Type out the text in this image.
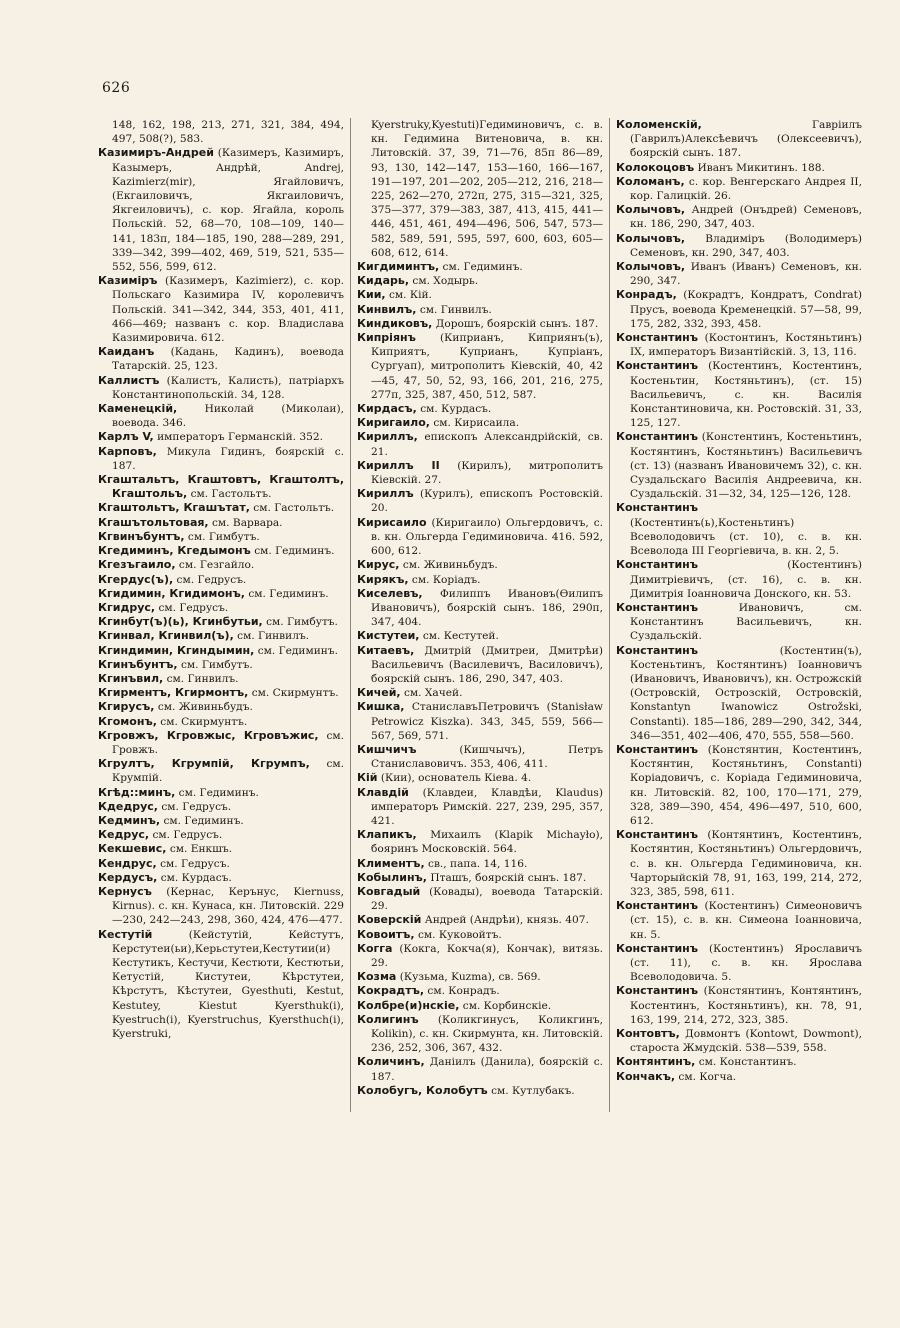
626
148, 162, 198, 213, 271, 321, 384, 494, 497, 508(?), 583.
Казимиръ-Андрей (Казимеръ, Казимиръ, Казымеръ, Андрѣй, Andrej, Kazimierz(mir), Ягайловичъ, (Екгаиловичъ, Якгаиловичъ, Якгеиловичъ), с. кор. Ягайла, король Польскій. 52, 68—70, 108—109, 140—141, 183п, 184—185, 190, 288—289, 291, 339—342, 399—402, 469, 519, 521, 535—552, 556, 599, 612.
Казиміръ (Казимеръ, Kazimierz), с. кор. Польскаго Казимира IV, королевичъ Польскій. 341—342, 344, 353, 401, 411, 466—469; названъ с. кор. Владислава Казимировича. 612.
Каиданъ (Кадань, Кадинъ), воевода Татарскій. 25, 123.
Каллистъ (Калистъ, Калисть), патріархъ Константинопольскій. 34, 128.
Каменецкій,	Николай (Миколаи), воевода. 346.
Карлъ V, императоръ Германскій. 352.
Карповъ, Микула Гидинъ, боярскій с. 187.
Кгаштальтъ, Кгаштовтъ, Кгаштолтъ, Кгаштольъ, см. Гастольтъ.
Кгаштольтъ, Кгашътат, см. Гастольтъ.
Кгашътольтовая, см. Варвара.
Кгвинъбунтъ, см. Гимбутъ.
Кгедиминъ, Кгедымонъ см. Гедиминъ.
Кгезъгаило, см. Гезгайло.
Кгердус(ъ), см. Гедрусъ.
Кгидимин, Кгидимонъ, см. Гедиминъ.
Кгидрус, см. Гедрусъ.
Кгинбут(ъ)(ь), Кгинбутьи, см. Гимбутъ.
Кгинвал, Кгинвил(ъ), см. Гинвилъ.
Кгиндимин, Кгиндымин, см. Гедиминъ.
Кгинъбунтъ, см. Гимбутъ.
Кгинъвил, см. Гинвилъ.
Кгирментъ, Кгирмонтъ, см. Скирмунтъ.
Кгирусъ, см. Живиньбудъ.
Кгомонъ, см. Скирмунтъ.
Кгровжъ, Кгровжыс, Кгровъжис, см. Гровжъ.
Кгрултъ, Кгрумпій, Кгрумпъ, см. Крумпій.
Кгѣд::минъ, см. Гедиминъ.
Кдедрус, см. Гедрусъ.
Кедминъ, см. Гедиминъ.
Кедрус, см. Гедрусъ.
Кекшевис, см. Енкшъ.
Кендрус, см. Гедрусъ.
Кердусъ, см. Курдасъ.
Кернусъ (Кернас, Керънус, Kiernuss, Kirnus). с. кн. Кунаса, кн. Литовскій. 229—230, 242—243, 298, 360, 424, 476—477.
Кестутій	(Кейстутій, Кейстутъ, Керстутеи(ьи),Керьстутеи,Кестутии(и) Кестутикъ, Кестучи, Кестюти, Кестютьи, Кетустій, Кистутеи, Кѣрстутеи, Кѣрстутъ, Кѣстутеи, Gyesthuti, Kestut, Kestutey, Kiestut Kyersthuk(i), Kyestruch(i), Kyerstruchus, Kyersthuch(i), Kyerstruki,
Kyerstruky,Kyestuti)Гедиминовичъ, с. в. кн. Гедимина Витеновича, в. кн. Литовскій. 37, 39, 71—76, 85п 86—89, 93, 130, 142—147, 153—160, 166—167, 191—197, 201—202, 205—212, 216, 218—225, 262—270, 272п, 275, 315—321, 325, 375—377, 379—383, 387, 413, 415, 441—446, 451, 461, 494—496, 506, 547, 573—582, 589, 591, 595, 597, 600, 603, 605—608, 612, 614.
Кигдиминтъ, см. Гедиминъ.
Кидарь, см. Ходырь.
Кии, см. Кій.
Кинвилъ, см. Гинвилъ.
Киндиковъ, Дорошъ, боярскій сынъ. 187.
Кипріянъ (Киприанъ, Киприянъ(ъ), Киприятъ, Куприанъ, Купріанъ, Сургуап), митрополитъ Кіевскій, 40, 42—45, 47, 50, 52, 93, 166, 201, 216, 275, 277п, 325, 387, 450, 512, 587.
Кирдасъ, см. Курдасъ.
Киригаило, см. Кирисаила.
Кириллъ, епископъ Александрійскій, св. 21.
Кириллъ II (Кирилъ), митрополитъ Кіевскій. 27.
Кириллъ (Курилъ), епископъ Ростовскій. 20.
Кирисаило (Киригаило) Ольгердовичъ, с. в. кн. Ольгерда Гедиминовича. 416. 592, 600, 612.
Кирус, см. Живиньбудъ.
Кирякъ, см. Коріадъ.
Киселевъ, Филиппъ Ивановъ(Ѳилипъ Ивановичъ), боярскій сынъ. 186, 290п, 347, 404.
Кистутеи, см. Кестутей.
Китаевъ, Дмитрій (Дмитреи, Дмитрѣи) Васильевичъ (Василевичъ, Василовичъ), боярскій сынъ. 186, 290, 347, 403.
Кичей, см. Хачей.
Кишка, СтаниславъПетровичъ (Stanisław Petrowicz Kiszka). 343, 345, 559, 566—567, 569, 571.
Кишчичъ	(Кишчычъ), Петръ Станиславовичъ. 353, 406, 411.
Кій (Кии), основатель Кіева. 4.
Клавдій (Клавдеи, Клавдѣи, Klaudus) императоръ Римскій. 227, 239, 295, 357, 421.
Клапикъ, Михаилъ (Klapik Michayło), бояринъ Московскій. 564.
Климентъ, св., папа. 14, 116.
Кобылинъ, Пташъ, боярскій сынъ. 187.
Ковгадый (Ковады), воевода Татарскій. 29.
Коверскій Андрей (Андрѣи), князь. 407.
Ковоитъ, см. Куковойтъ.
Когга (Кокга, Кокча(я), Кончак), витязь. 29.
Козма (Кузьма, Kuzma), св. 569.
Кокрадтъ, см. Конрадъ.
Колбре(и)нскіе, см. Корбинскіе.
Колигинъ (Коликгинусъ, Коликгинъ, Kolikin), с. кн. Скирмунта, кн. Литовскій. 236, 252, 306, 367, 432.
Количинъ, Даніилъ (Данила), боярскій с. 187.
Колобугъ, Колобутъ см. Кутлубакъ.
Коломенскій,	Гавріилъ (Гаврилъ)Алексѣевичъ (Олексеевичъ), боярскій сынъ. 187.
Колокоцовъ Иванъ Микитинъ. 188.
Коломанъ, с. кор. Венгерскаго Андрея II, кор. Галицкій. 26.
Колычовъ, Андрей (Онъдрей) Семеновъ, кн. 186, 290, 347, 403.
Колычовъ, Владиміръ (Володимеръ) Семеновъ, кн. 290, 347, 403.
Колычовъ, Иванъ (Иванъ) Семеновъ, кн. 290, 347.
Конрадъ, (Кокрадтъ, Кондратъ, Condrat) Прусъ, воевода Кременецкій. 57—58, 99, 175, 282, 332, 393, 458.
Константинъ (Костонтинъ, Костяньтинъ) IX, императоръ Византійскій. 3, 13, 116.
Константинъ (Костентинъ, Костентинъ, Костеньтин, Костяньтинъ), (ст. 15) Васильевичъ, с. кн. Василія Константиновича, кн. Ростовскій. 31, 33, 125, 127.
Константинъ (Констентинъ, Костеньтинъ, Костянтинъ, Костяньтинъ) Васильевичъ (ст. 13) (названъ Ивановичемъ 32), с. кн. Суздальскаго Василія Андреевича, кн. Суздальскій. 31—32, 34, 125—126, 128.
Константинъ (Костентинъ(ь),Костеньтинъ) Всеволодовичъ (ст. 10), с. в. кн. Всеволода III Георгіевича, в. кн. 2, 5.
Константинъ	(Костентинъ) Димитріевичъ, (ст. 16), с. в. кн. Димитрія Іоанновича Донского, кн. 53.
Константинъ	Ивановичъ, см. Константинъ Васильевичъ, кн. Суздальскій.
Константинъ	(Костентин(ъ), Костеньтинъ, Костянтинъ) Іоанновичъ (Ивановичъ, Ивановичъ), кн. Острожскій (Островскій, Острозскій, Островскій, Konstantyn Iwanowicz Ostrožski, Constanti). 185—186, 289—290, 342, 344, 346—351, 402—406, 470, 555, 558—560.
Константинъ (Констянтин, Костентинъ, Костянтин, Костяньтинъ, Constanti) Коріадовичъ, с. Коріада Гедиминовича, кн. Литовскій. 82, 100, 170—171, 279, 328, 389—390, 454, 496—497, 510, 600, 612.
Константинъ (Контянтинъ, Костентинъ, Костянтин, Костяньтинъ) Ольгердовичъ, с. в. кн. Ольгерда Гедиминовича, кн. Чарторыйскій 78, 91, 163, 199, 214, 272, 323, 385, 598, 611.
Константинъ (Костентинъ) Симеоновичъ (ст. 15), с. в. кн. Симеона Іоанновича, кн. 5.
Константинъ (Костентинъ) Ярославичъ (ст. 11), с. в. кн. Ярослава Всеволодовича. 5.
Константинъ (Констянтинъ, Контянтинъ, Костентинъ, Костяньтинъ), кн. 78, 91, 163, 199, 214, 272, 323, 385.
Контовтъ, Довмонтъ (Kontowt, Dowmont), староста Жмудскій. 538—539, 558.
Контянтинъ, см. Константинъ.
Кончакъ, см. Когча.
